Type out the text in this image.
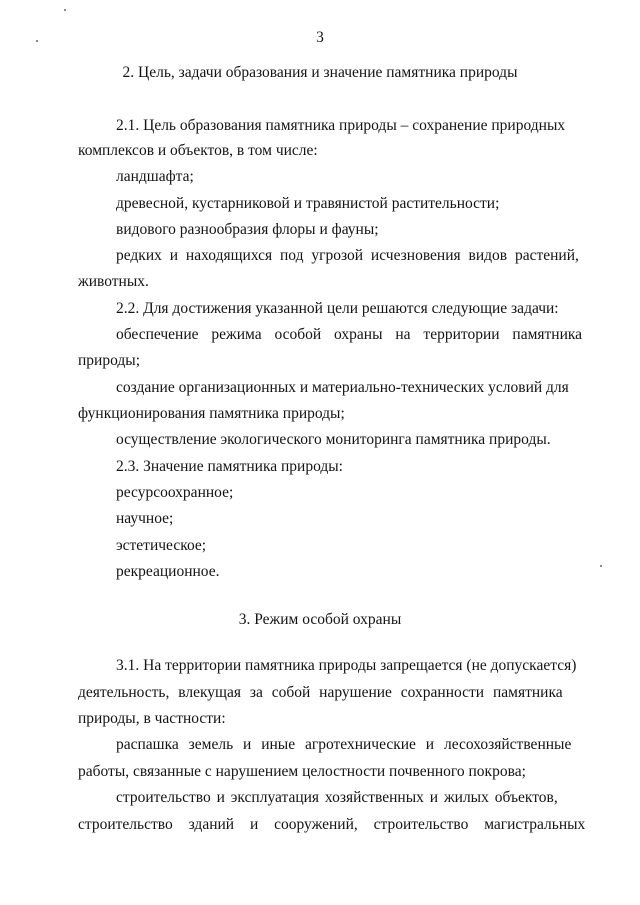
3
2. Цель, задачи образования и значение памятника природы
2.1. Цель образования памятника природы – сохранение природных
комплексов и объектов, в том числе:
ландшафта;
древесной, кустарниковой и травянистой растительности;
видового разнообразия флоры и фауны;
редких и находящихся под угрозой исчезновения видов растений,
животных.
2.2. Для достижения указанной цели решаются следующие задачи:
обеспечение режима особой охраны на территории памятника
природы;
создание организационных и материально-технических условий для
функционирования памятника природы;
осуществление экологического мониторинга памятника природы.
2.3. Значение памятника природы:
ресурсоохранное;
научное;
эстетическое;
рекреационное.
3. Режим особой охраны
3.1. На территории памятника природы запрещается (не допускается)
деятельность, влекущая за собой нарушение сохранности памятника
природы, в частности:
распашка земель и иные агротехнические и лесохозяйственные
работы, связанные с нарушением целостности почвенного покрова;
строительство и эксплуатация хозяйственных и жилых объектов,
строительство зданий и сооружений, строительство магистральных
